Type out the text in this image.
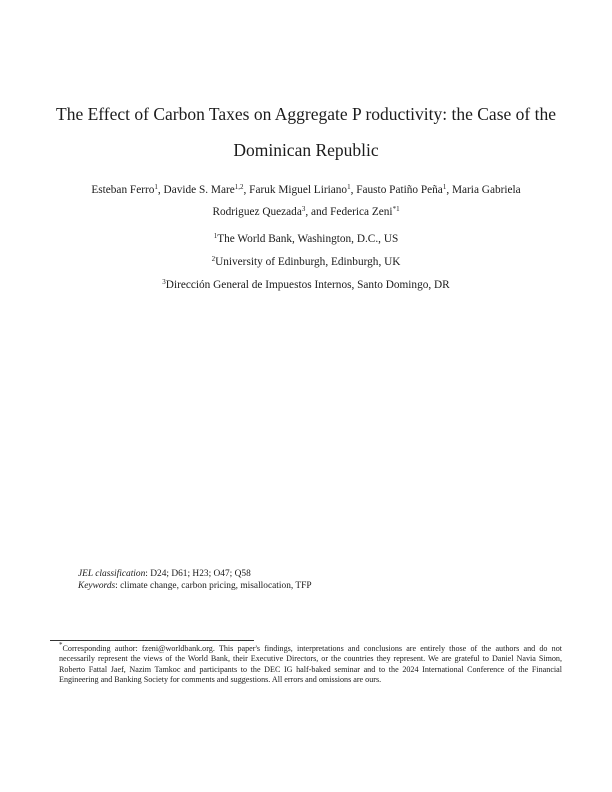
The Effect of Carbon Taxes on Aggregate P roductivity: the Case of the
Dominican Republic
Esteban Ferro$^1$, Davide S. Mare$^{1,2}$, Faruk Miguel Liriano$^1$, Fausto Patiño Peña$^1$, Maria Gabriela
Rodriguez Quezada$^3$, and Federica Zeni$^{*1}$
$^1$The World Bank, Washington, D.C., US
$^2$University of Edinburgh, Edinburgh, UK
$^3$Dirección General de Impuestos Internos, Santo Domingo, DR
JEL classification: D24; D61; H23; O47; Q58
Keywords: climate change, carbon pricing, misallocation, TFP

*Corresponding author: fzeni@worldbank.org. This paper's findings, interpretations and conclusions are entirely those of the authors and do not necessarily represent the views of the World Bank, their Executive Directors, or the countries they represent. We are grateful to Daniel Navia Simon, Roberto Fattal Jaef, Nazim Tamkoc and participants to the DEC IG half-baked seminar and to the 2024 International Conference of the Financial Engineering and Banking Society for comments and suggestions. All errors and omissions are ours.
